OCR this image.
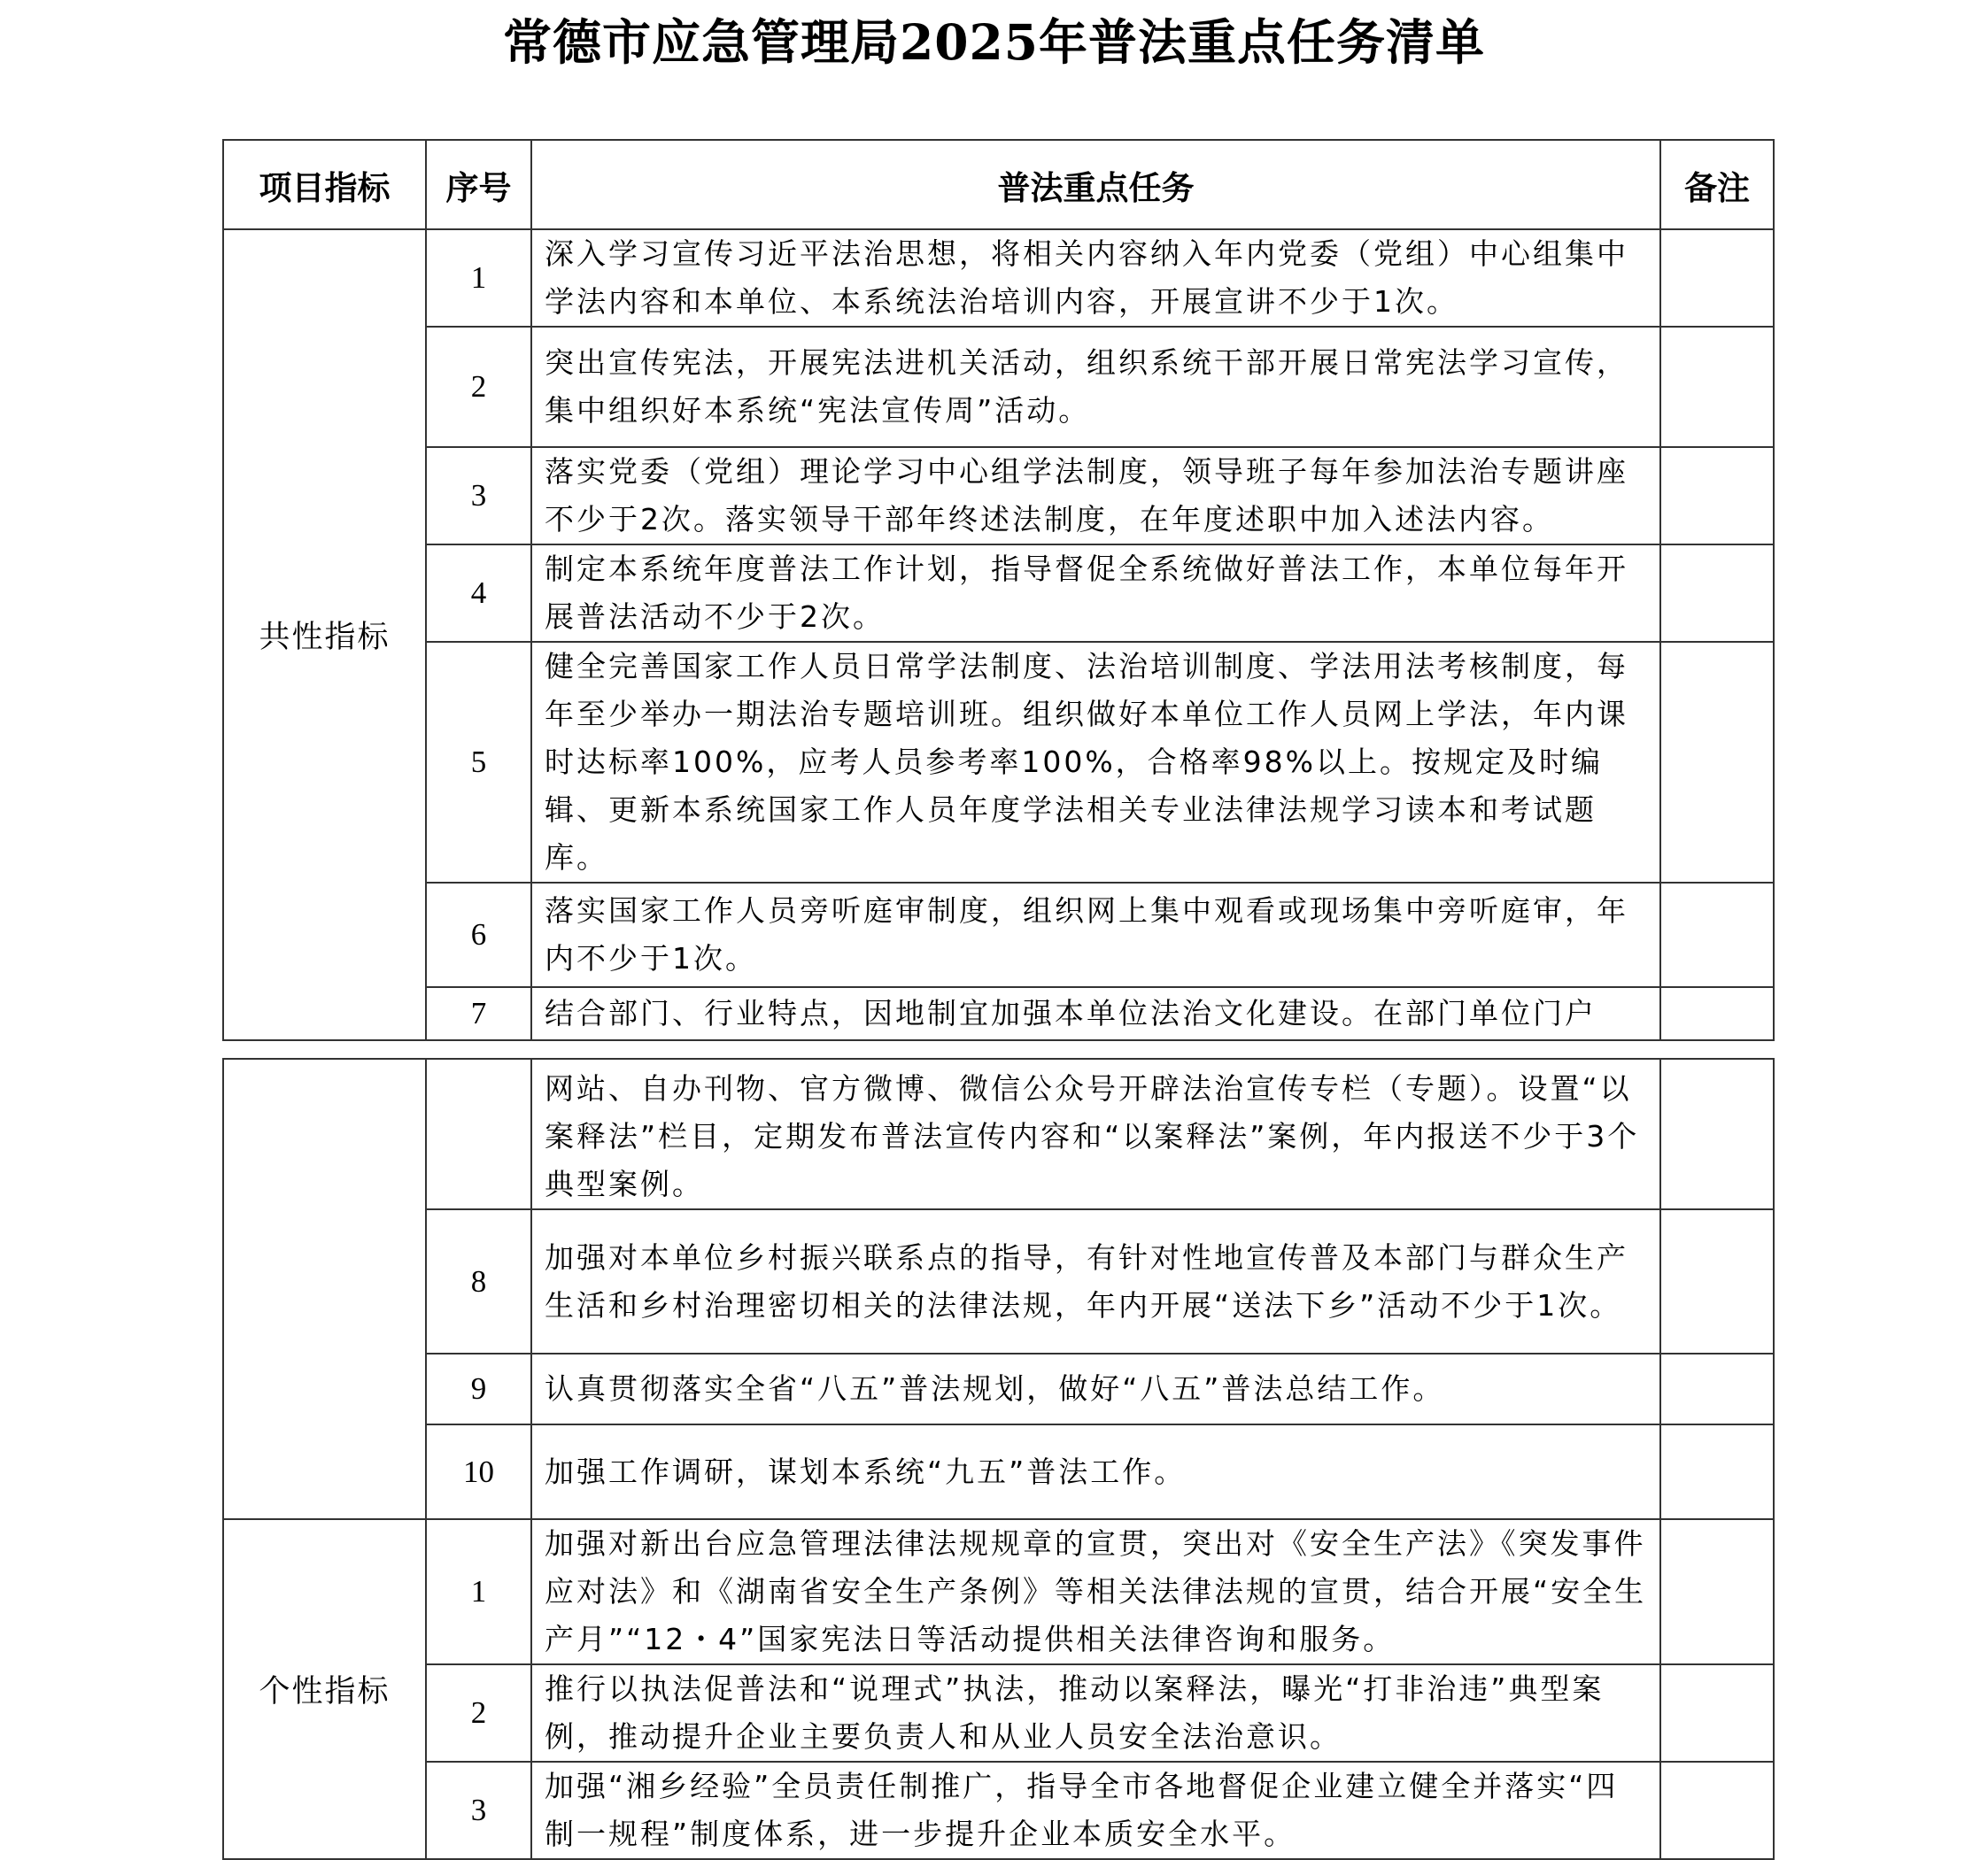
常德市应急管理局2025年普法重点任务清单
项目指标	序号	普法重点任务	备注
共性指标	1	深入学习宣传习近平法治思想，将相关内容纳入年内党委（党组）中心组集中学法内容和本单位、本系统法治培训内容，开展宣讲不少于1次。	
	2	突出宣传宪法，开展宪法进机关活动，组织系统干部开展日常宪法学习宣传，集中组织好本系统“宪法宣传周”活动。	
	3	落实党委（党组）理论学习中心组学法制度，领导班子每年参加法治专题讲座不少于2次。落实领导干部年终述法制度，在年度述职中加入述法内容。	
	4	制定本系统年度普法工作计划，指导督促全系统做好普法工作，本单位每年开展普法活动不少于2次。	
	5	健全完善国家工作人员日常学法制度、法治培训制度、学法用法考核制度，每年至少举办一期法治专题培训班。组织做好本单位工作人员网上学法，年内课时达标率100%，应考人员参考率100%，合格率98%以上。按规定及时编辑、更新本系统国家工作人员年度学法相关专业法律法规学习读本和考试题库。	
	6	落实国家工作人员旁听庭审制度，组织网上集中观看或现场集中旁听庭审，年内不少于1次。	
	7	结合部门、行业特点，因地制宜加强本单位法治文化建设。在部门单位门户	
		网站、自办刊物、官方微博、微信公众号开辟法治宣传专栏（专题）。设置“以案释法”栏目，定期发布普法宣传内容和“以案释法”案例，年内报送不少于3个典型案例。	
	8	加强对本单位乡村振兴联系点的指导，有针对性地宣传普及本部门与群众生产生活和乡村治理密切相关的法律法规，年内开展“送法下乡”活动不少于1次。	
	9	认真贯彻落实全省“八五”普法规划，做好“八五”普法总结工作。	
	10	加强工作调研，谋划本系统“九五”普法工作。	
个性指标	1	加强对新出台应急管理法律法规规章的宣贯，突出对《安全生产法》《突发事件应对法》和《湖南省安全生产条例》等相关法律法规的宣贯，结合开展“安全生产月”“12・4”国家宪法日等活动提供相关法律咨询和服务。	
	2	推行以执法促普法和“说理式”执法，推动以案释法，曝光“打非治违”典型案例，推动提升企业主要负责人和从业人员安全法治意识。	
	3	加强“湘乡经验”全员责任制推广，指导全市各地督促企业建立健全并落实“四制一规程”制度体系，进一步提升企业本质安全水平。	
